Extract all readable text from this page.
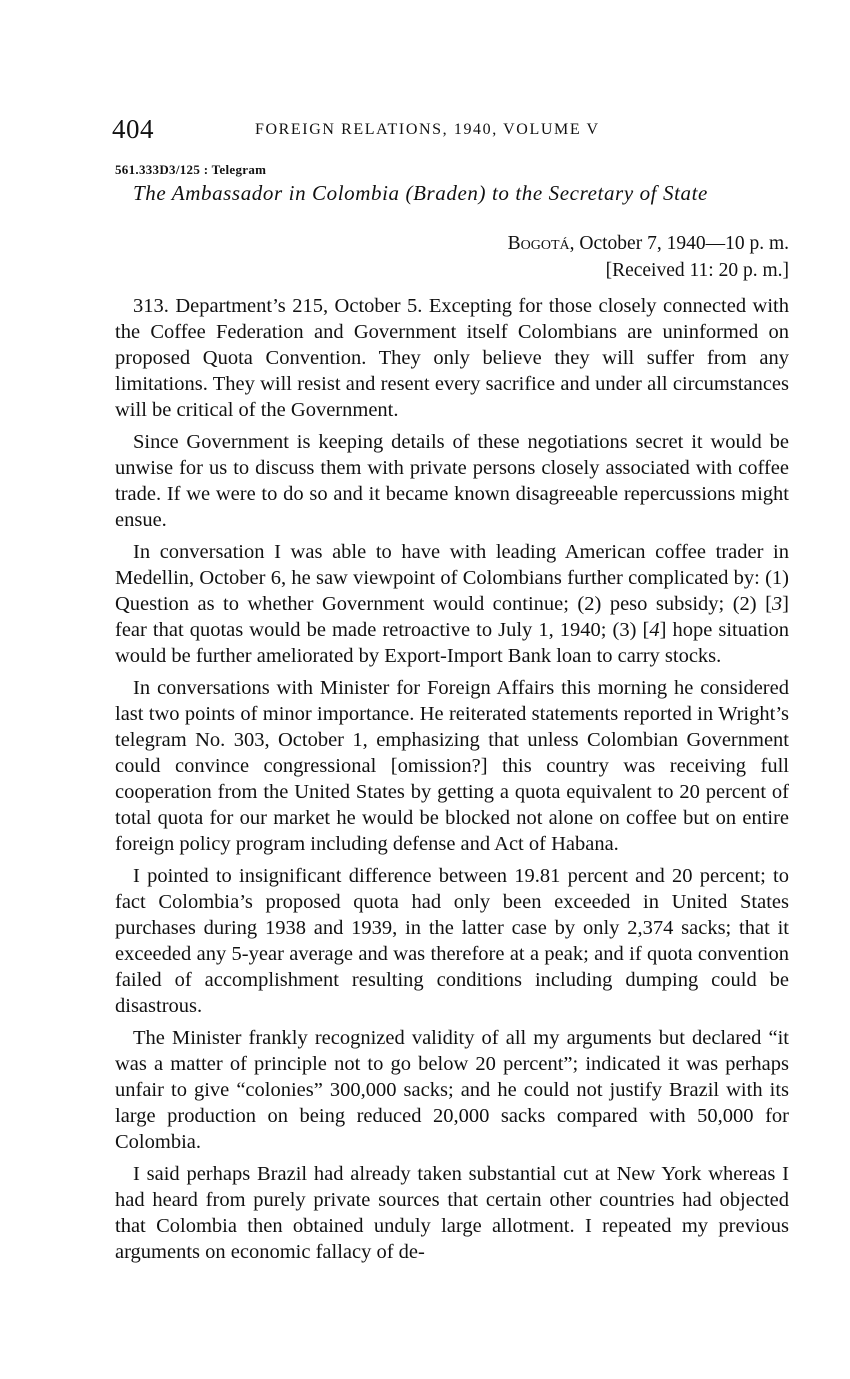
404	FOREIGN RELATIONS, 1940, VOLUME V
561.333D3/125 : Telegram
The Ambassador in Colombia (Braden) to the Secretary of State
Bogotá, October 7, 1940—10 p. m.
[Received 11: 20 p. m.]

313. Department’s 215, October 5. Excepting for those closely connected with the Coffee Federation and Government itself Colombians are uninformed on proposed Quota Convention. They only believe they will suffer from any limitations. They will resist and resent every sacrifice and under all circumstances will be critical of the Government.

Since Government is keeping details of these negotiations secret it would be unwise for us to discuss them with private persons closely associated with coffee trade. If we were to do so and it became known disagreeable repercussions might ensue.

In conversation I was able to have with leading American coffee trader in Medellin, October 6, he saw viewpoint of Colombians further complicated by: (1) Question as to whether Government would continue; (2) peso subsidy; (2) [3] fear that quotas would be made retroactive to July 1, 1940; (3) [4] hope situation would be further ameliorated by Export-Import Bank loan to carry stocks.

In conversations with Minister for Foreign Affairs this morning he considered last two points of minor importance. He reiterated statements reported in Wright’s telegram No. 303, October 1, emphasizing that unless Colombian Government could convince congressional [omission?] this country was receiving full cooperation from the United States by getting a quota equivalent to 20 percent of total quota for our market he would be blocked not alone on coffee but on entire foreign policy program including defense and Act of Habana.

I pointed to insignificant difference between 19.81 percent and 20 percent; to fact Colombia’s proposed quota had only been exceeded in United States purchases during 1938 and 1939, in the latter case by only 2,374 sacks; that it exceeded any 5-year average and was therefore at a peak; and if quota convention failed of accomplishment resulting conditions including dumping could be disastrous.

The Minister frankly recognized validity of all my arguments but declared “it was a matter of principle not to go below 20 percent”; indicated it was perhaps unfair to give “colonies” 300,000 sacks; and he could not justify Brazil with its large production on being reduced 20,000 sacks compared with 50,000 for Colombia.

I said perhaps Brazil had already taken substantial cut at New York whereas I had heard from purely private sources that certain other countries had objected that Colombia then obtained unduly large allotment. I repeated my previous arguments on economic fallacy of de-
